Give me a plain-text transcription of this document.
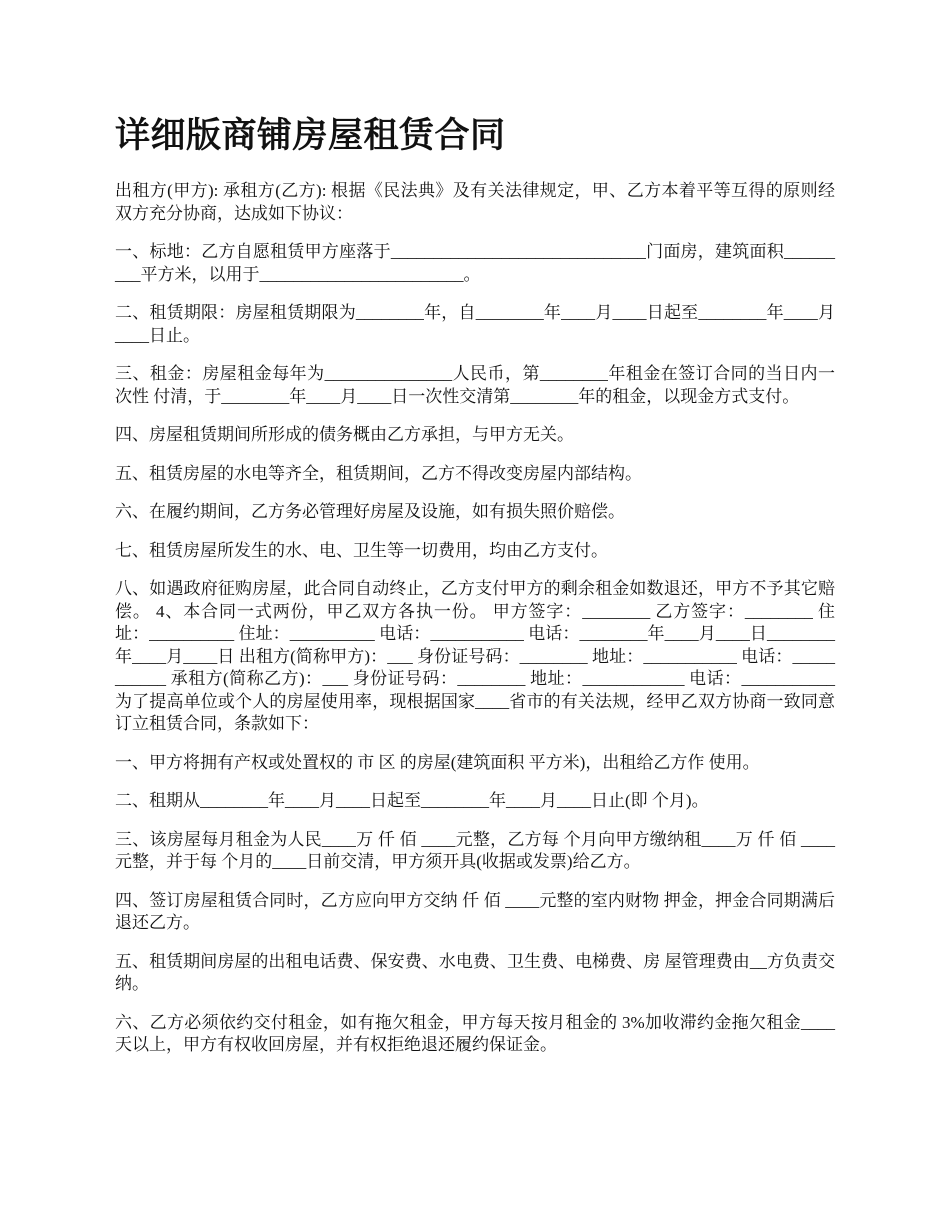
详细版商铺房屋租赁合同

出租方(甲方): 承租方(乙方): 根据《民法典》及有关法律规定，甲、乙方本着平等互得的原则经双方充分协商，达成如下协议：

一、标地：乙方自愿租赁甲方座落于______________________________门面房，建筑面积_________平方米，以用于________________________。

二、租赁期限：房屋租赁期限为________年，自________年____月____日起至________年____月____日止。

三、租金：房屋租金每年为_______________人民币，第________年租金在签订合同的当日内一次性 付清，于________年____月____日一次性交清第________年的租金，以现金方式支付。

四、房屋租赁期间所形成的债务概由乙方承担，与甲方无关。

五、租赁房屋的水电等齐全，租赁期间，乙方不得改变房屋内部结构。

六、在履约期间，乙方务必管理好房屋及设施，如有损失照价赔偿。

七、租赁房屋所发生的水、电、卫生等一切费用，均由乙方支付。

八、如遇政府征购房屋，此合同自动终止，乙方支付甲方的剩余租金如数退还，甲方不予其它赔偿。 4、本合同一式两份，甲乙双方各执一份。 甲方签字：________ 乙方签字：________ 住址：__________ 住址：__________ 电话：___________ 电话：________年____月____日________年____月____日 出租方(简称甲方)：___ 身份证号码：________ 地址：___________ 电话：___________ 承租方(简称乙方)：___ 身份证号码：________ 地址：____________ 电话：___________ 为了提高单位或个人的房屋使用率，现根据国家____省市的有关法规，经甲乙双方协商一致同意订立租赁合同，条款如下：

一、甲方将拥有产权或处置权的 市 区 的房屋(建筑面积 平方米)，出租给乙方作 使用。

二、租期从________年____月____日起至________年____月____日止(即 个月)。

三、该房屋每月租金为人民____万 仟 佰 ____元整，乙方每 个月向甲方缴纳租____万 仟 佰 ____元整，并于每 个月的____日前交清，甲方须开具(收据或发票)给乙方。

四、签订房屋租赁合同时，乙方应向甲方交纳 仟 佰 ____元整的室内财物 押金，押金合同期满后退还乙方。

五、租赁期间房屋的出租电话费、保安费、水电费、卫生费、电梯费、房 屋管理费由__方负责交纳。

六、乙方必须依约交付租金，如有拖欠租金，甲方每天按月租金的 3%加收滞约金拖欠租金____天以上，甲方有权收回房屋，并有权拒绝退还履约保证金。
